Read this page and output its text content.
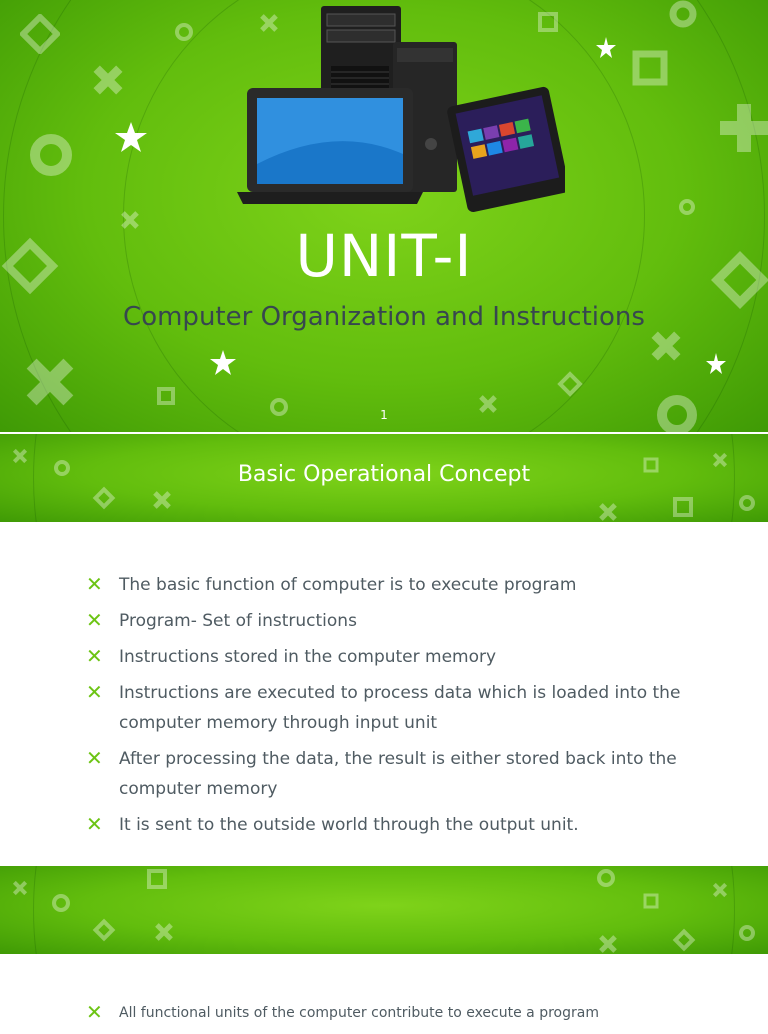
UNIT-I
Computer Organization and Instructions
1
Basic Operational Concept
✕ The basic function of computer is to execute program
✕ Program- Set of instructions
✕ Instructions stored in the computer memory
✕ Instructions are executed to process data which is loaded into the computer memory through input unit
✕ After processing the data, the result is either stored back into the computer memory
✕ It is sent to the outside world through the output unit.
✕ All functional units of the computer contribute to execute a program
